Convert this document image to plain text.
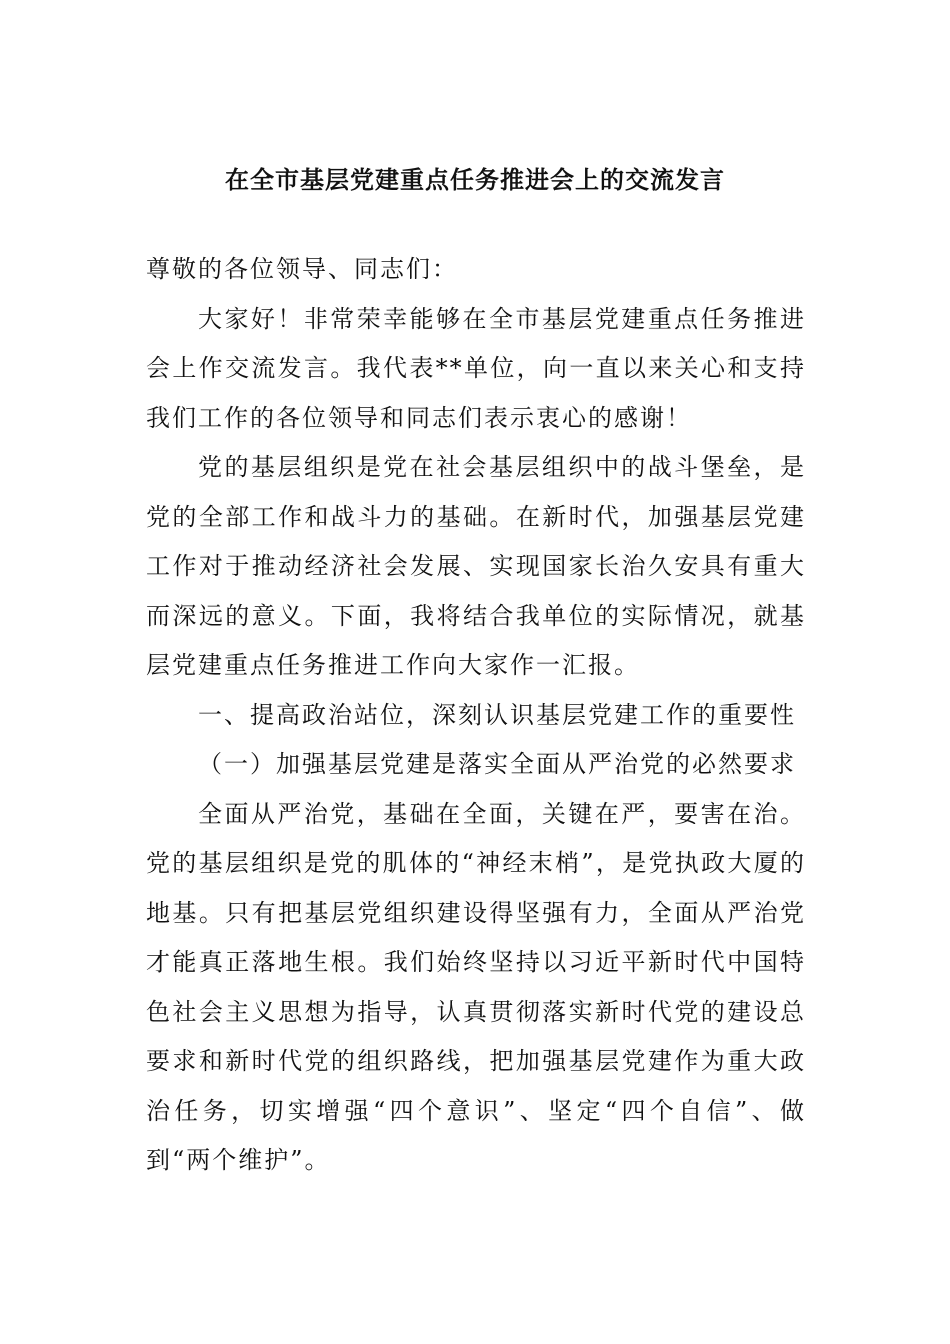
在全市基层党建重点任务推进会上的交流发言

尊敬的各位领导、同志们：

大家好！非常荣幸能够在全市基层党建重点任务推进会上作交流发言。我代表**单位，向一直以来关心和支持我们工作的各位领导和同志们表示衷心的感谢！

党的基层组织是党在社会基层组织中的战斗堡垒，是党的全部工作和战斗力的基础。在新时代，加强基层党建工作对于推动经济社会发展、实现国家长治久安具有重大而深远的意义。下面，我将结合我单位的实际情况，就基层党建重点任务推进工作向大家作一汇报。

一、提高政治站位，深刻认识基层党建工作的重要性

（一）加强基层党建是落实全面从严治党的必然要求

全面从严治党，基础在全面，关键在严，要害在治。党的基层组织是党的肌体的“神经末梢”，是党执政大厦的地基。只有把基层党组织建设得坚强有力，全面从严治党才能真正落地生根。我们始终坚持以习近平新时代中国特色社会主义思想为指导，认真贯彻落实新时代党的建设总要求和新时代党的组织路线，把加强基层党建作为重大政治任务，切实增强“四个意识”、坚定“四个自信”、做到“两个维护”。
